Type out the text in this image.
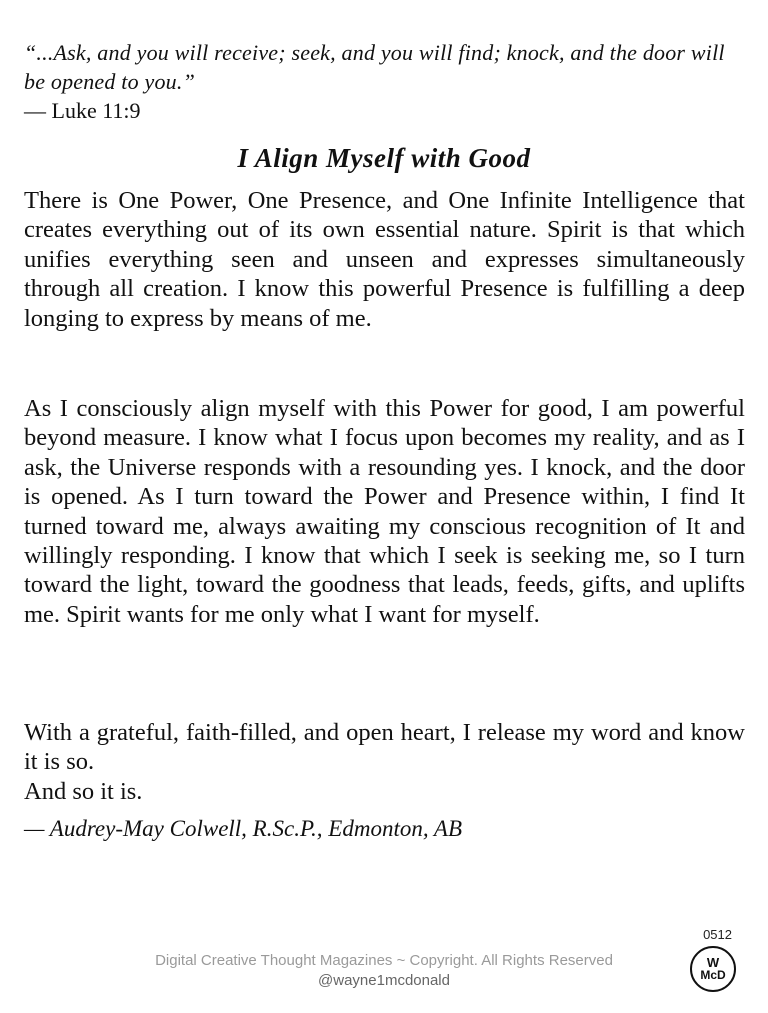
“...Ask, and you will receive; seek, and you will find; knock, and the door will be opened to you.”
— Luke 11:9
I Align Myself with Good
There is One Power, One Presence, and One Infinite Intelligence that creates everything out of its own essential nature. Spirit is that which unifies everything seen and unseen and expresses simultaneously through all creation. I know this powerful Presence is fulfilling a deep longing to express by means of me.
As I consciously align myself with this Power for good, I am powerful beyond measure. I know what I focus upon becomes my reality, and as I ask, the Universe responds with a resounding yes. I knock, and the door is opened. As I turn toward the Power and Presence within, I find It turned toward me, always awaiting my conscious recognition of It and willingly responding. I know that which I seek is seeking me, so I turn toward the light, toward the goodness that leads, feeds, gifts, and uplifts me. Spirit wants for me only what I want for myself.
With a grateful, faith-filled, and open heart, I release my word and know it is so.
And so it is.
— Audrey-May Colwell, R.Sc.P., Edmonton, AB
0512
Digital Creative Thought Magazines ~ Copyright. All Rights Reserved
@wayne1mcdonald
W
McD
